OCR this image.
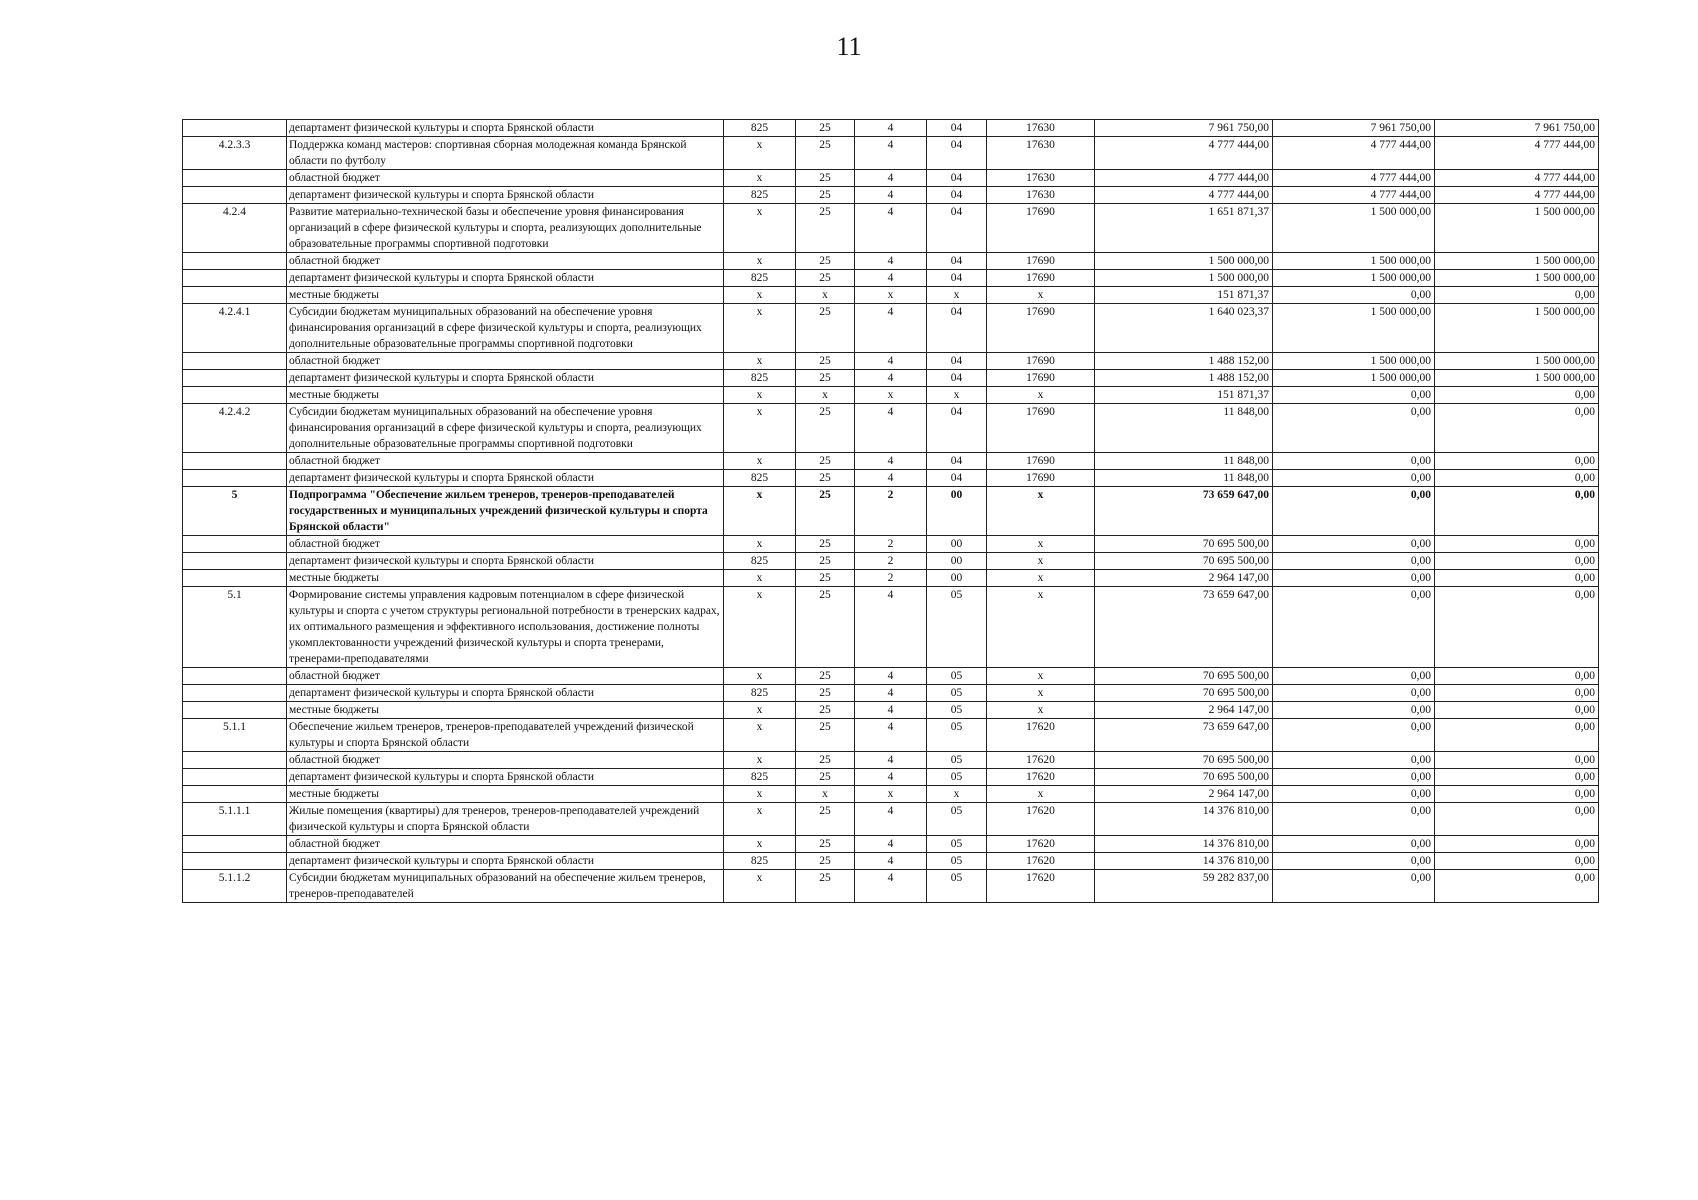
11
	департамент физической культуры и спорта Брянской области	825	25	4	04	17630	7 961 750,00	7 961 750,00	7 961 750,00
4.2.3.3	Поддержка команд мастеров: спортивная сборная молодежная команда Брянской области по футболу	х	25	4	04	17630	4 777 444,00	4 777 444,00	4 777 444,00
	областной бюджет	х	25	4	04	17630	4 777 444,00	4 777 444,00	4 777 444,00
	департамент физической культуры и спорта Брянской области	825	25	4	04	17630	4 777 444,00	4 777 444,00	4 777 444,00
4.2.4	Развитие материально-технической базы и обеспечение уровня финансирования организаций в сфере физической культуры и спорта, реализующих дополнительные образовательные программы спортивной подготовки	х	25	4	04	17690	1 651 871,37	1 500 000,00	1 500 000,00
	областной бюджет	х	25	4	04	17690	1 500 000,00	1 500 000,00	1 500 000,00
	департамент физической культуры и спорта Брянской области	825	25	4	04	17690	1 500 000,00	1 500 000,00	1 500 000,00
	местные бюджеты	х	х	х	х	х	151 871,37	0,00	0,00
4.2.4.1	Субсидии бюджетам муниципальных образований на обеспечение уровня финансирования организаций в сфере физической культуры и спорта, реализующих дополнительные образовательные программы спортивной подготовки	х	25	4	04	17690	1 640 023,37	1 500 000,00	1 500 000,00
	областной бюджет	х	25	4	04	17690	1 488 152,00	1 500 000,00	1 500 000,00
	департамент физической культуры и спорта Брянской области	825	25	4	04	17690	1 488 152,00	1 500 000,00	1 500 000,00
	местные бюджеты	х	х	х	х	х	151 871,37	0,00	0,00
4.2.4.2	Субсидии бюджетам муниципальных образований на обеспечение уровня финансирования организаций в сфере физической культуры и спорта, реализующих дополнительные образовательные программы спортивной подготовки	х	25	4	04	17690	11 848,00	0,00	0,00
	областной бюджет	х	25	4	04	17690	11 848,00	0,00	0,00
	департамент физической культуры и спорта Брянской области	825	25	4	04	17690	11 848,00	0,00	0,00
5	Подпрограмма "Обеспечение жильем тренеров, тренеров-преподавателей государственных и муниципальных учреждений физической культуры и спорта Брянской области"	х	25	2	00	х	73 659 647,00	0,00	0,00
	областной бюджет	х	25	2	00	х	70 695 500,00	0,00	0,00
	департамент физической культуры и спорта Брянской области	825	25	2	00	х	70 695 500,00	0,00	0,00
	местные бюджеты	х	25	2	00	х	2 964 147,00	0,00	0,00
5.1	Формирование системы управления кадровым потенциалом в сфере физической культуры и спорта с учетом структуры региональной потребности в тренерских кадрах, их оптимального размещения и эффективного использования, достижение полноты укомплектованности учреждений физической культуры и спорта тренерами, тренерами-преподавателями	х	25	4	05	х	73 659 647,00	0,00	0,00
	областной бюджет	х	25	4	05	х	70 695 500,00	0,00	0,00
	департамент физической культуры и спорта Брянской области	825	25	4	05	х	70 695 500,00	0,00	0,00
	местные бюджеты	х	25	4	05	х	2 964 147,00	0,00	0,00
5.1.1	Обеспечение жильем тренеров, тренеров-преподавателей учреждений физической культуры и спорта Брянской области	х	25	4	05	17620	73 659 647,00	0,00	0,00
	областной бюджет	х	25	4	05	17620	70 695 500,00	0,00	0,00
	департамент физической культуры и спорта Брянской области	825	25	4	05	17620	70 695 500,00	0,00	0,00
	местные бюджеты	х	х	х	х	х	2 964 147,00	0,00	0,00
5.1.1.1	Жилые помещения (квартиры) для тренеров, тренеров-преподавателей учреждений физической культуры и спорта Брянской области	х	25	4	05	17620	14 376 810,00	0,00	0,00
	областной бюджет	х	25	4	05	17620	14 376 810,00	0,00	0,00
	департамент физической культуры и спорта Брянской области	825	25	4	05	17620	14 376 810,00	0,00	0,00
5.1.1.2	Субсидии бюджетам муниципальных образований на обеспечение жильем тренеров, тренеров-преподавателей	х	25	4	05	17620	59 282 837,00	0,00	0,00
